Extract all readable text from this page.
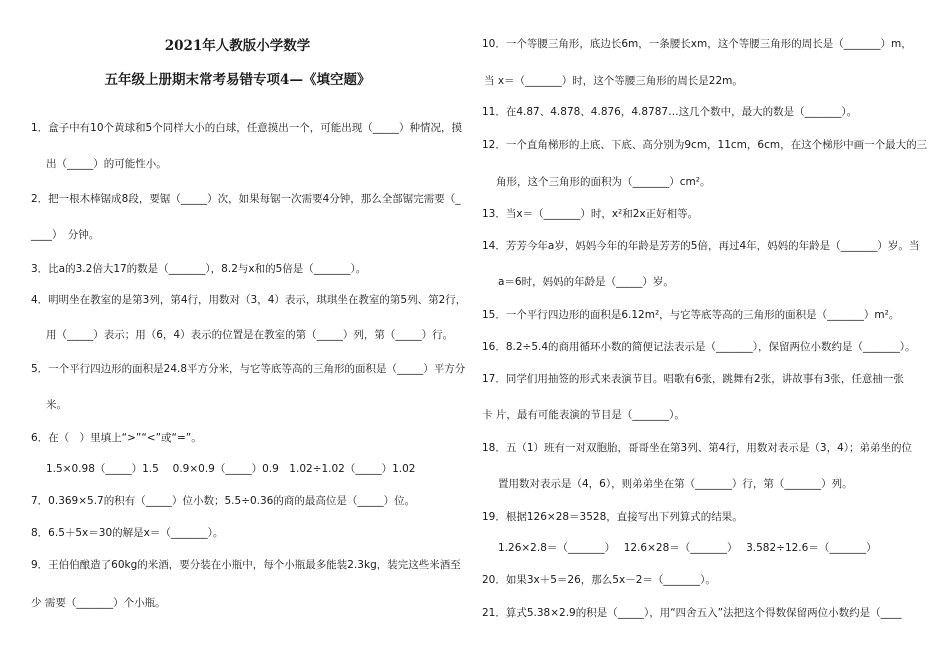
2021年人教版小学数学
五年级上册期末常考易错专项4—《填空题》
1．盒子中有10个黄球和5个同样大小的白球，任意摸出一个，可能出现（_____）种情况，摸
出（_____）的可能性小。
2．把一根木棒锯成8段，要锯（_____）次，如果每锯一次需要4分钟，那么全部锯完需要（_
____）　分钟。
3．比a的3.2倍大17的数是（_______），8.2与x和的5倍是（_______）。
4．明明坐在教室的是第3列，第4行，用数对（3，4）表示，琪琪坐在教室的第5列、第2行，
用（_____）表示；用（6，4）表示的位置是在教室的第（_____）列，第（_____）行。
5．一个平行四边形的面积是24.8平方分米，与它等底等高的三角形的面积是（_____）平方分
米。
6．在（　）里填上“>”“<”或“=”。
1.5×0.98（_____）1.5　 0.9×0.9（_____）0.9　1.02÷1.02（_____）1.02
7．0.369×5.7的积有（_____）位小数；5.5÷0.36的商的最高位是（_____）位。
8．6.5＋5x＝30的解是x＝（_______）。
9．王伯伯酿造了60kg的米酒，要分装在小瓶中，每个小瓶最多能装2.3kg，装完这些米酒至
少 需要（_______）个小瓶。
10．一个等腰三角形，底边长6m，一条腰长xm，这个等腰三角形的周长是（_______）m，
当 x＝（_______）时，这个等腰三角形的周长是22m。
11．在4.87̇、4.87̇8̇、4.876，4.8787…这几个数中，最大的数是（_______）。
12．一个直角梯形的上底、下底、高分别为9cm，11cm，6cm，在这个梯形中画一个最大的三
角形，这个三角形的面积为（_______）cm²。
13．当x＝（_______）时，x²和2x正好相等。
14．芳芳今年a岁，妈妈今年的年龄是芳芳的5倍，再过4年，妈妈的年龄是（_______）岁。当
a＝6时，妈妈的年龄是（_____）岁。
15．一个平行四边形的面积是6.12m²，与它等底等高的三角形的面积是（_______）m²。
16．8.2÷5.4的商用循环小数的简便记法表示是（_______），保留两位小数约是（_______）。
17．同学们用抽签的形式来表演节目。唱歌有6张，跳舞有2张，讲故事有3张，任意抽一张
卡 片，最有可能表演的节目是（_______）。
18．五（1）班有一对双胞胎，哥哥坐在第3列、第4行，用数对表示是（3，4）；弟弟坐的位
置用数对表示是（4，6），则弟弟坐在第（_______）行，第（_______）列。
19．根据126×28＝3528，直接写出下列算式的结果。
1.26×2.8＝（_______）　 12.6×28＝（_______）　 3.582÷12.6＝（_______）
20．如果3x＋5＝26，那么5x－2＝（_______）。
21．算式5.38×2.9的积是（_____），用“四舍五入”法把这个得数保留两位小数约是（____
